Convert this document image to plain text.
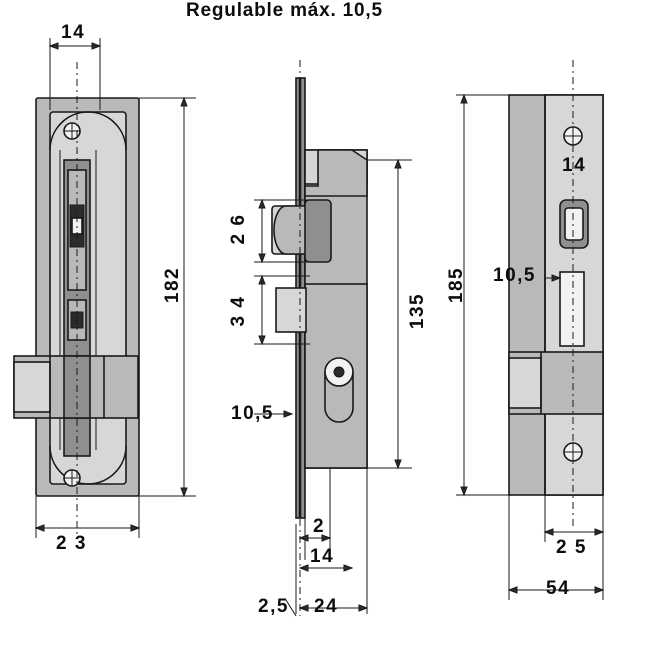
Regulable máx. 10,5
14
182
2 3
2 6
3 4
10,5
135
2
14
2,5 24
185
14
10,5
2 5
54
